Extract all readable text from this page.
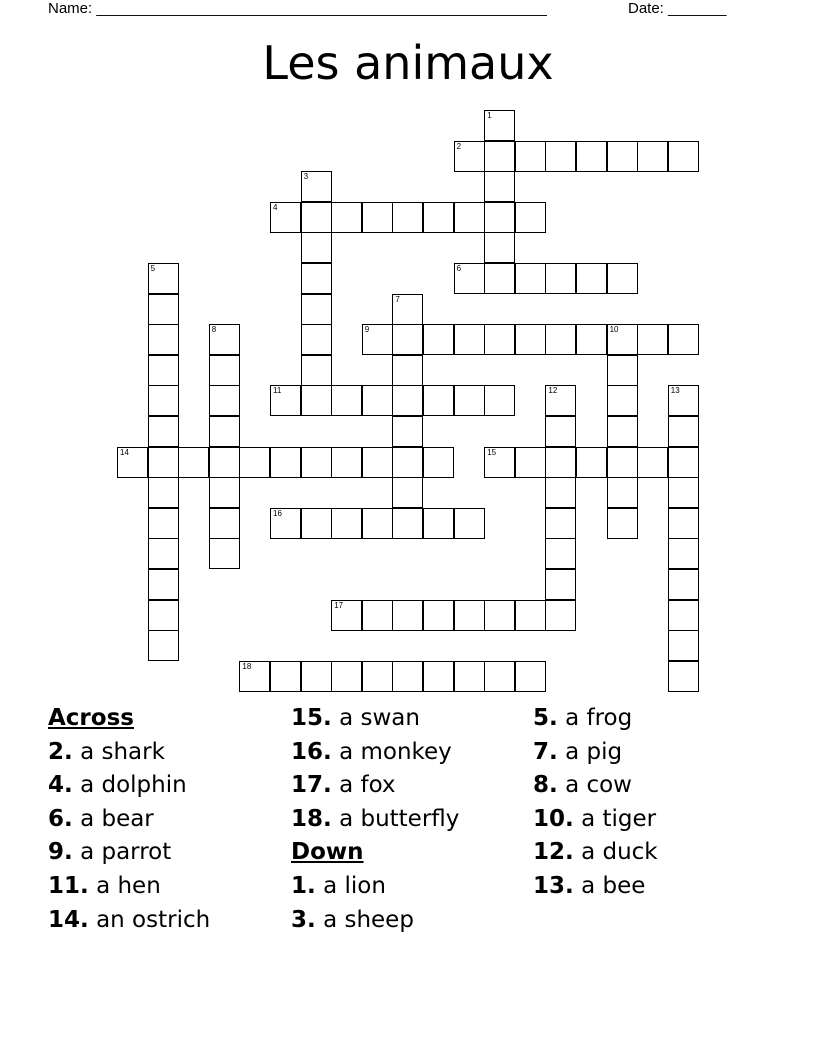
Name: ______________________________________________________	Date: _______
Les animaux
1
2
3
4
5	6
7
8	9	10
11	12	13
14	15
16
17
18
Across
2. a shark
4. a dolphin
6. a bear
9. a parrot
11. a hen
14. an ostrich
15. a swan
16. a monkey
17. a fox
18. a butterfly
Down
1. a lion
3. a sheep
5. a frog
7. a pig
8. a cow
10. a tiger
12. a duck
13. a bee
